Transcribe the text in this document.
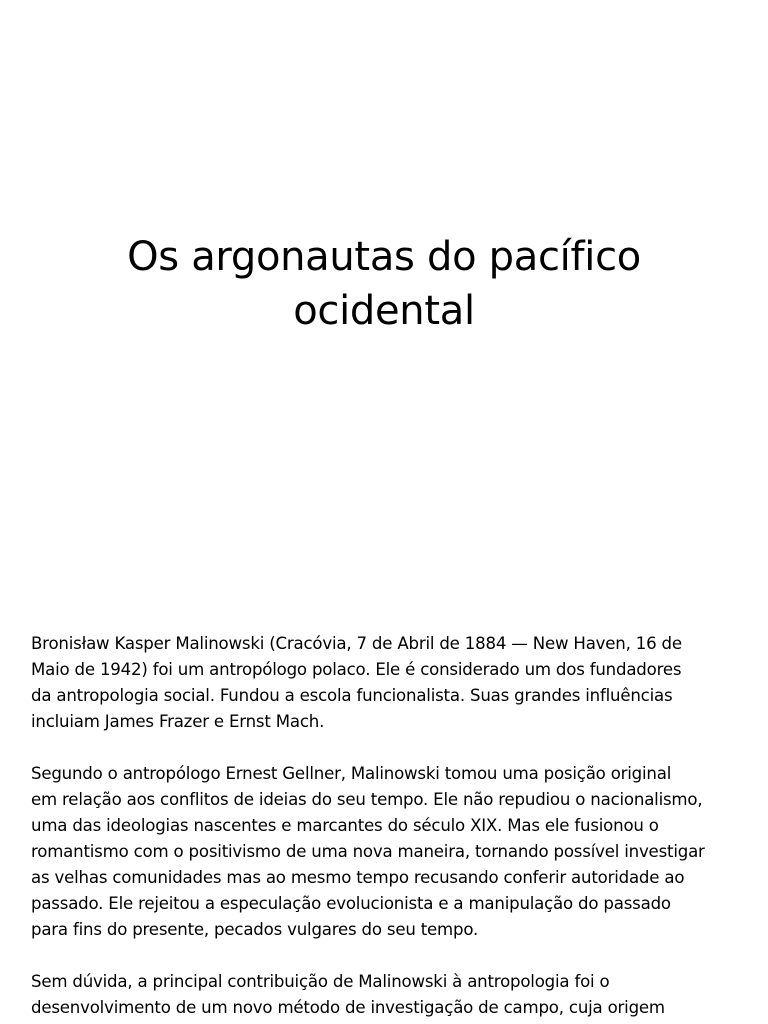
Os argonautas do pacífico
ocidental
Bronisław Kasper Malinowski (Cracóvia, 7 de Abril de 1884 — New Haven, 16 de
Maio de 1942) foi um antropólogo polaco. Ele é considerado um dos fundadores
da antropologia social. Fundou a escola funcionalista. Suas grandes influências
incluiam James Frazer e Ernst Mach.
Segundo o antropólogo Ernest Gellner, Malinowski tomou uma posição original
em relação aos conflitos de ideias do seu tempo. Ele não repudiou o nacionalismo,
uma das ideologias nascentes e marcantes do século XIX. Mas ele fusionou o
romantismo com o positivismo de uma nova maneira, tornando possível investigar
as velhas comunidades mas ao mesmo tempo recusando conferir autoridade ao
passado. Ele rejeitou a especulação evolucionista e a manipulação do passado
para fins do presente, pecados vulgares do seu tempo.
Sem dúvida, a principal contribuição de Malinowski à antropologia foi o
desenvolvimento de um novo método de investigação de campo, cuja origem
